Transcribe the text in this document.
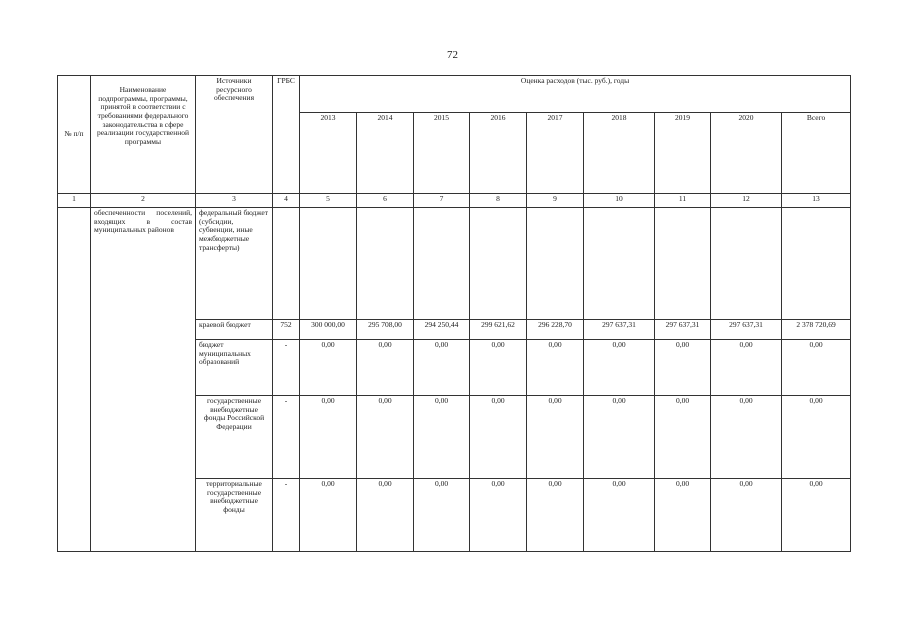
72
№ п/п	Наименование подпрограммы, программы, принятой в соответствии с требованиями федерального законодательства в сфере реализации государственной программы	Источники ресурсного обеспечения	ГРБС	Оценка расходов (тыс. руб.), годы								
				2013	2014	2015	2016	2017	2018	2019	2020	Всего
1	2	3	4	5	6	7	8	9	10	11	12	13
	обеспеченности поселений, входящих в состав муниципальных районов	федеральный бюджет (субсидии, субвенции, иные межбюджетные трансферты)										
		краевой бюджет	752	300 000,00	295 708,00	294 250,44	299 621,62	296 228,70	297 637,31	297 637,31	297 637,31	2 378 720,69
		бюджет муниципальных образований	-	0,00	0,00	0,00	0,00	0,00	0,00	0,00	0,00	0,00
		государственные внебюджетные фонды Российской Федерации	-	0,00	0,00	0,00	0,00	0,00	0,00	0,00	0,00	0,00
		территориальные государственные внебюджетные фонды	-	0,00	0,00	0,00	0,00	0,00	0,00	0,00	0,00	0,00
